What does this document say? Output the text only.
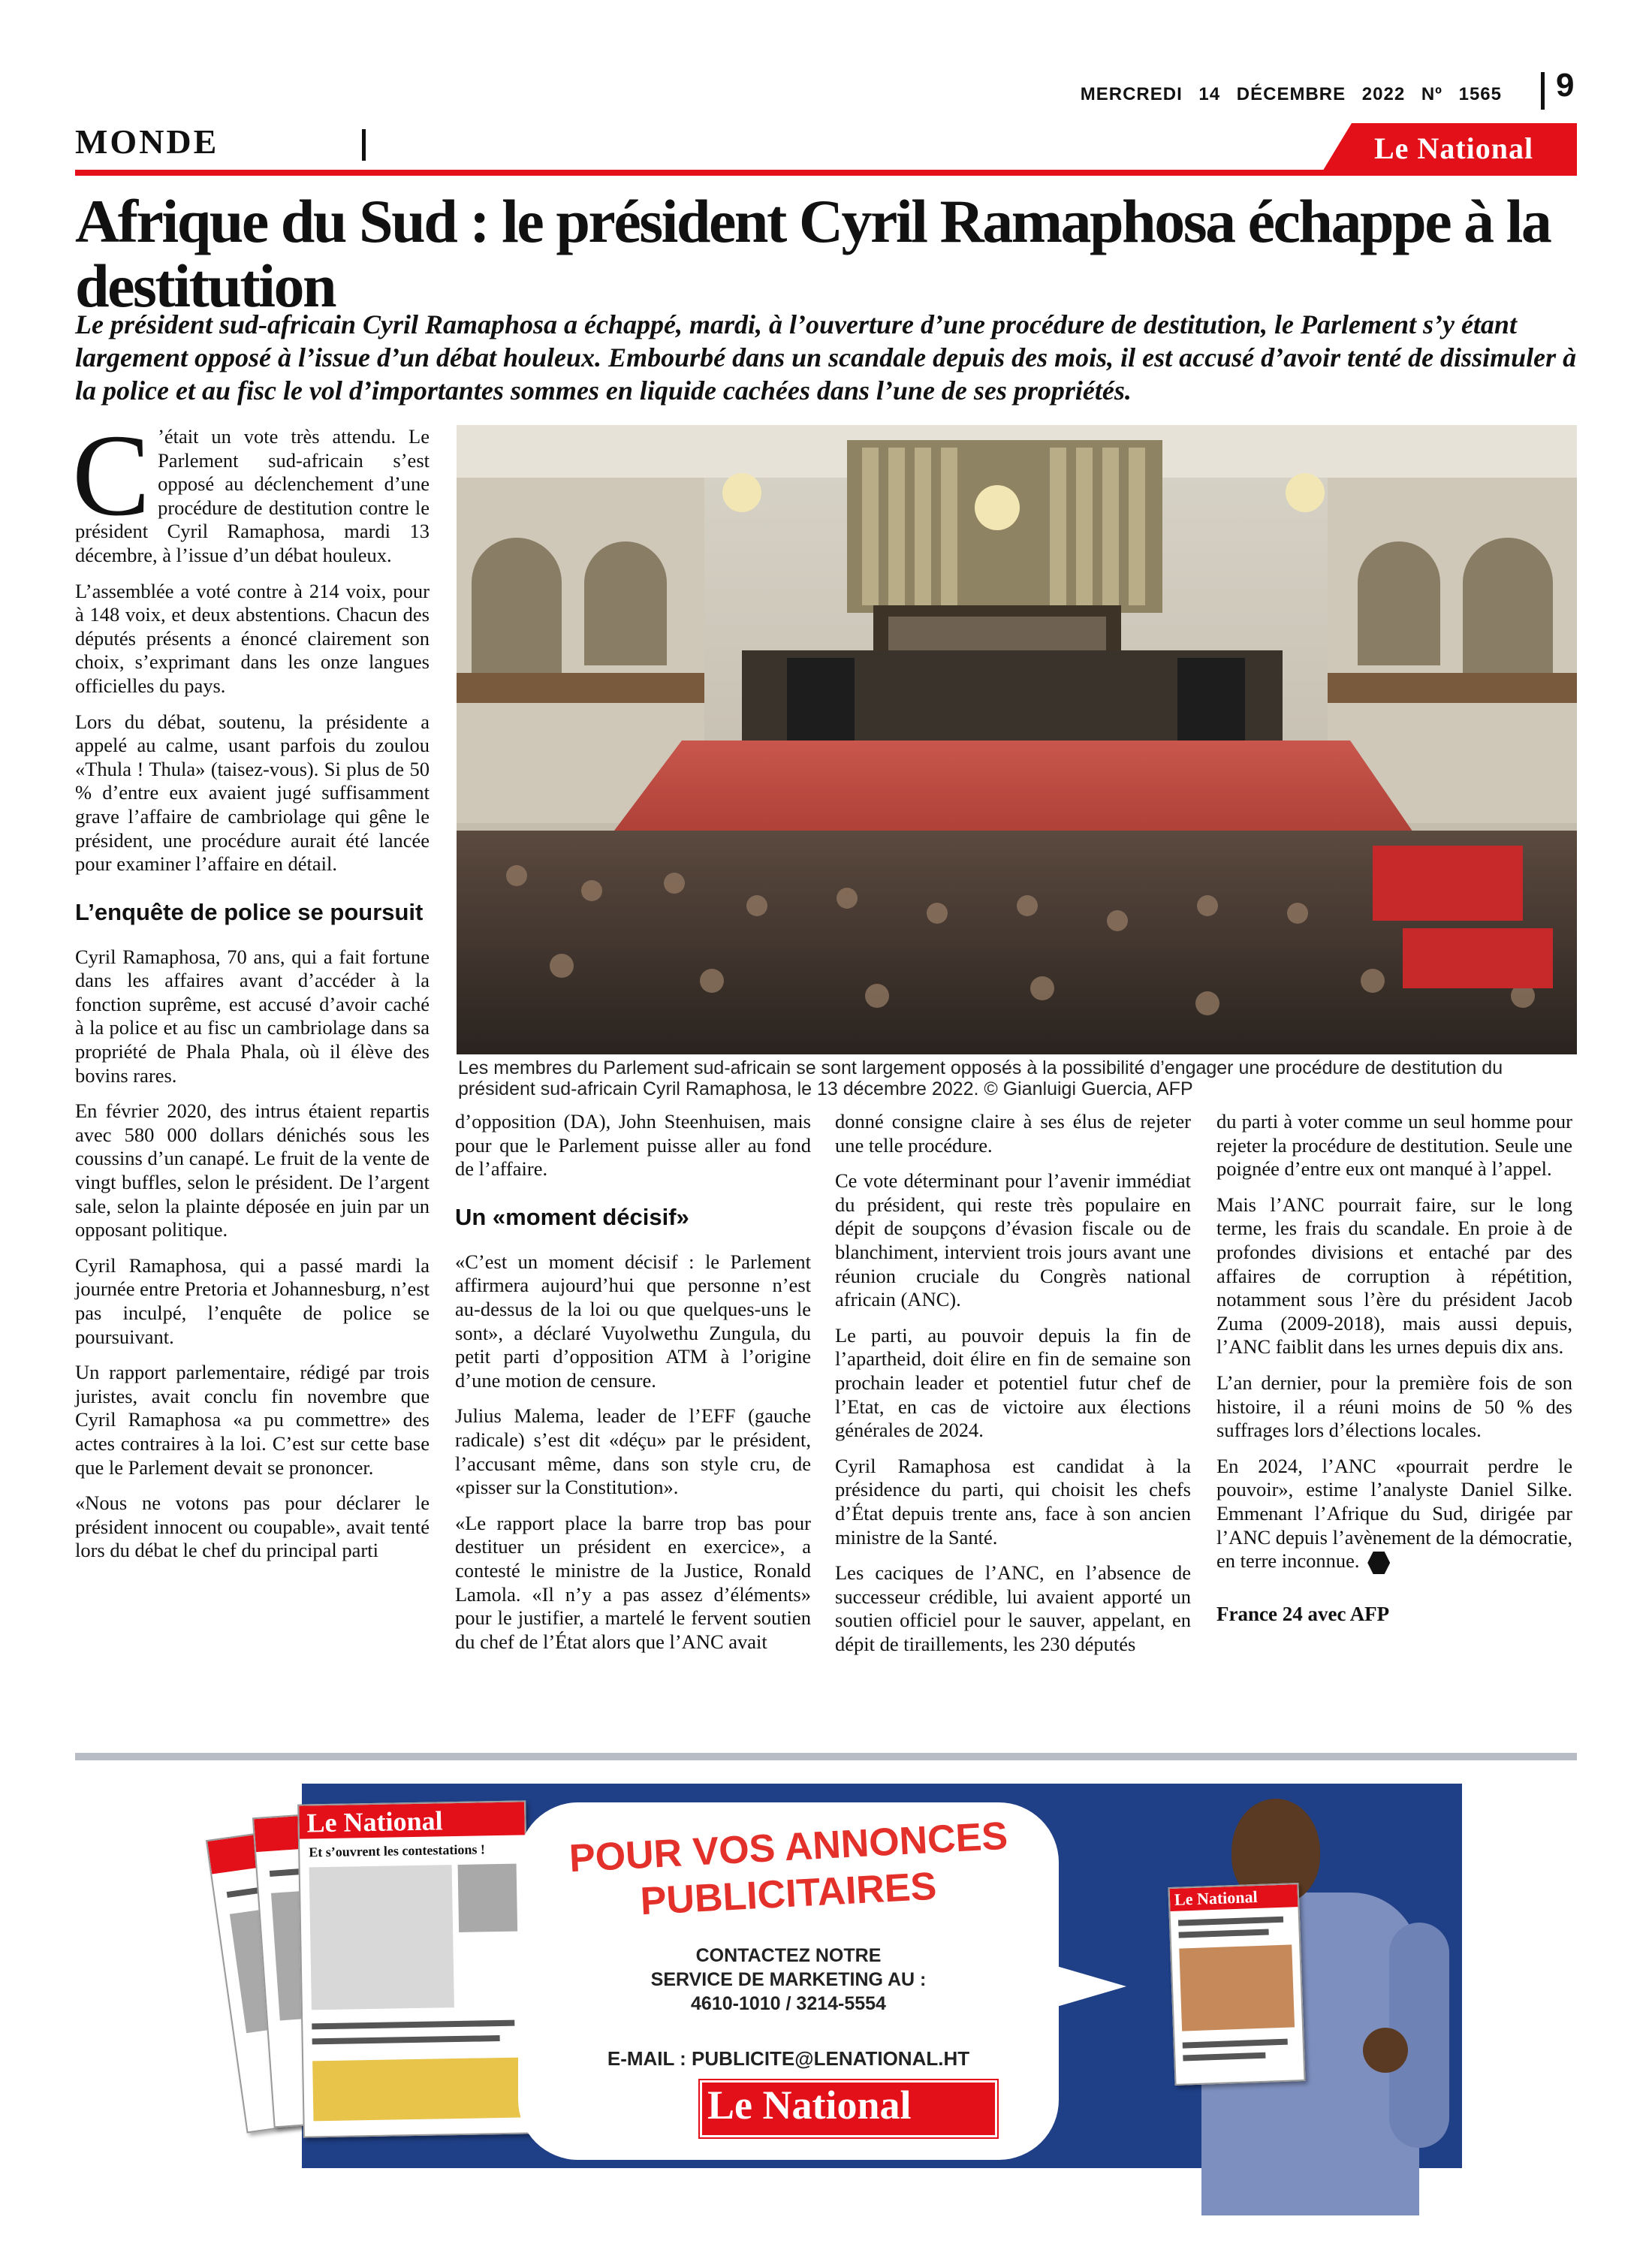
MERCREDI 14 DÉCEMBRE 2022 Nº 1565 9
MONDE	Le National
Afrique du Sud : le président Cyril Ramaphosa échappe à la destitution

Le président sud-africain Cyril Ramaphosa a échappé, mardi, à l’ouverture d’une procédure de destitution, le Parlement s’y étant largement opposé à l’issue d’un débat houleux. Embourbé dans un scandale depuis des mois, il est accusé d’avoir tenté de dissimuler à la police et au fisc le vol d’importantes sommes en liquide cachées dans l’une de ses propriétés.

Les membres du Parlement sud-africain se sont largement opposés à la possibilité d’engager une procédure de destitution du président sud-africain Cyril Ramaphosa, le 13 décembre 2022. © Gianluigi Guercia, AFP

C ’était un vote très attendu. Le Parlement sud-africain s’est opposé au déclenchement d’une procédure de destitution contre le président Cyril Ramaphosa, mardi 13 décembre, à l’issue d’un débat houleux.

L’assemblée a voté contre à 214 voix, pour à 148 voix, et deux abstentions. Chacun des députés présents a énoncé clairement son choix, s’exprimant dans les onze langues officielles du pays.

Lors du débat, soutenu, la présidente a appelé au calme, usant parfois du zoulou «Thula ! Thula» (taisez-vous). Si plus de 50 % d’entre eux avaient jugé suffisamment grave l’affaire de cambriolage qui gêne le président, une procédure aurait été lancée pour examiner l’affaire en détail.

L’enquête de police se poursuit

Cyril Ramaphosa, 70 ans, qui a fait fortune dans les affaires avant d’accéder à la fonction suprême, est accusé d’avoir caché à la police et au fisc un cambriolage dans sa propriété de Phala Phala, où il élève des bovins rares.

En février 2020, des intrus étaient repartis avec 580 000 dollars dénichés sous les coussins d’un canapé. Le fruit de la vente de vingt buffles, selon le président. De l’argent sale, selon la plainte déposée en juin par un opposant politique.

Cyril Ramaphosa, qui a passé mardi la journée entre Pretoria et Johannesburg, n’est pas inculpé, l’enquête de police se poursuivant.

Un rapport parlementaire, rédigé par trois juristes, avait conclu fin novembre que Cyril Ramaphosa «a pu commettre» des actes contraires à la loi. C’est sur cette base que le Parlement devait se prononcer.

«Nous ne votons pas pour déclarer le président innocent ou coupable», avait tenté lors du débat le chef du principal parti

d’opposition (DA), John Steenhuisen, mais pour que le Parlement puisse aller au fond de l’affaire.

Un «moment décisif»

«C’est un moment décisif : le Parlement affirmera aujourd’hui que personne n’est au-dessus de la loi ou que quelques-uns le sont», a déclaré Vuyolwethu Zungula, du petit parti d’opposition ATM à l’origine d’une motion de censure.

Julius Malema, leader de l’EFF (gauche radicale) s’est dit «déçu» par le président, l’accusant même, dans son style cru, de «pisser sur la Constitution».

«Le rapport place la barre trop bas pour destituer un président en exercice», a contesté le ministre de la Justice, Ronald Lamola. «Il n’y a pas assez d’éléments» pour le justifier, a martelé le fervent soutien du chef de l’État alors que l’ANC avait

donné consigne claire à ses élus de rejeter une telle procédure.

Ce vote déterminant pour l’avenir immédiat du président, qui reste très populaire en dépit de soupçons d’évasion fiscale ou de blanchiment, intervient trois jours avant une réunion cruciale du Congrès national africain (ANC).

Le parti, au pouvoir depuis la fin de l’apartheid, doit élire en fin de semaine son prochain leader et potentiel futur chef de l’Etat, en cas de victoire aux élections générales de 2024.

Cyril Ramaphosa est candidat à la présidence du parti, qui choisit les chefs d’État depuis trente ans, face à son ancien ministre de la Santé.

Les caciques de l’ANC, en l’absence de successeur crédible, lui avaient apporté un soutien officiel pour le sauver, appelant, en dépit de tiraillements, les 230 députés

du parti à voter comme un seul homme pour rejeter la procédure de destitution. Seule une poignée d’entre eux ont manqué à l’appel.

Mais l’ANC pourrait faire, sur le long terme, les frais du scandale. En proie à de profondes divisions et entaché par des affaires de corruption à répétition, notamment sous l’ère du président Jacob Zuma (2009-2018), mais aussi depuis, l’ANC faiblit dans les urnes depuis dix ans.

L’an dernier, pour la première fois de son histoire, il a réuni moins de 50 % des suffrages lors d’élections locales.

En 2024, l’ANC «pourrait perdre le pouvoir», estime l’analyste Daniel Silke. Emmenant l’Afrique du Sud, dirigée par l’ANC depuis l’avènement de la démocratie, en terre inconnue.

France 24 avec AFP

Le National
Et s’ouvrent les contestations !	POUR VOS ANNONCES
PUBLICITAIRES
CONTACTEZ NOTRE
SERVICE DE MARKETING AU :
4610-1010 / 3214-5554
E-MAIL : PUBLICITE@LENATIONAL.HT
Le National
Le National
